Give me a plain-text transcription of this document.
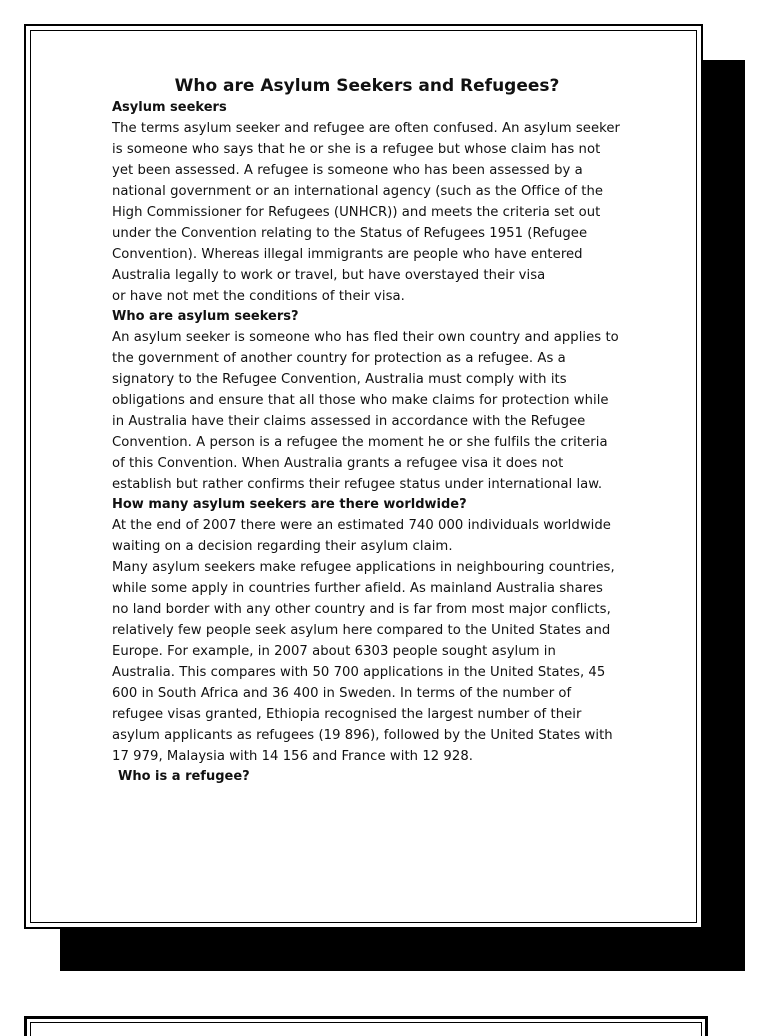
Who are Asylum Seekers and Refugees?
Asylum seekers

The terms asylum seeker and refugee are often confused. An asylum seeker is someone who says that he or she is a refugee but whose claim has not yet been assessed. A refugee is someone who has been assessed by a national government or an international agency (such as the Office of the High Commissioner for Refugees (UNHCR)) and meets the criteria set out under the Convention relating to the Status of Refugees 1951 (Refugee Convention). Whereas illegal immigrants are people who have entered Australia legally to work or travel, but have overstayed their visa

or have not met the conditions of their visa.

Who are asylum seekers?

An asylum seeker is someone who has fled their own country and applies to the government of another country for protection as a refugee. As a signatory to the Refugee Convention, Australia must comply with its obligations and ensure that all those who make claims for protection while in Australia have their claims assessed in accordance with the Refugee Convention. A person is a refugee the moment he or she fulfils the criteria of this Convention. When Australia grants a refugee visa it does not establish but rather confirms their refugee status under international law.

How many asylum seekers are there worldwide?

At the end of 2007 there were an estimated 740 000 individuals worldwide waiting on a decision regarding their asylum claim.

Many asylum seekers make refugee applications in neighbouring countries, while some apply in countries further afield. As mainland Australia shares no land border with any other country and is far from most major conflicts, relatively few people seek asylum here compared to the United States and Europe. For example, in 2007 about 6303 people sought asylum in Australia. This compares with 50 700 applications in the United States, 45 600 in South Africa and 36 400 in Sweden. In terms of the number of refugee visas granted, Ethiopia recognised the largest number of their asylum applicants as refugees (19 896), followed by the United States with 17 979, Malaysia with 14 156 and France with 12 928.

Who is a refugee?
